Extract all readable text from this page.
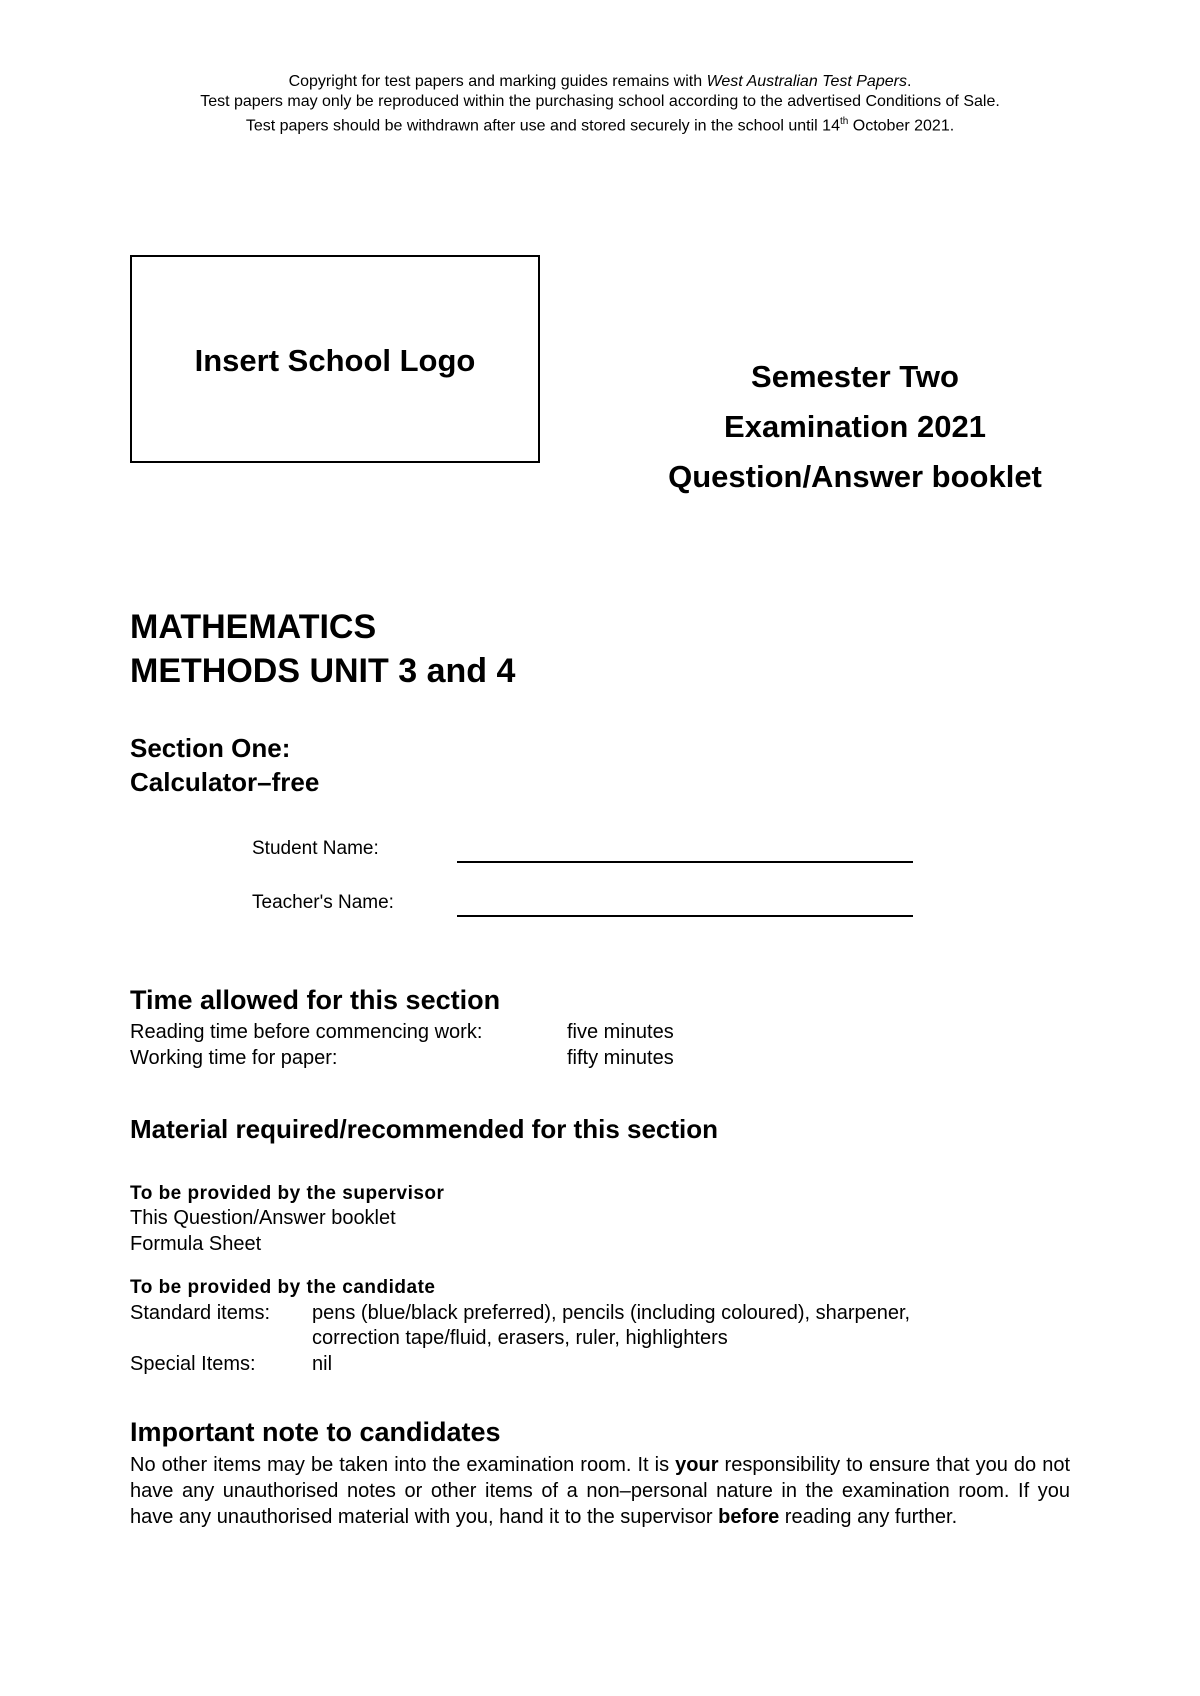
Copyright for test papers and marking guides remains with West Australian Test Papers.
Test papers may only be reproduced within the purchasing school according to the advertised Conditions of Sale.
Test papers should be withdrawn after use and stored securely in the school until 14th October 2021.
Insert School Logo	Semester Two
Examination 2021
Question/Answer booklet
MATHEMATICS
METHODS UNIT 3 and 4
Section One:
Calculator–free
Student Name:
Teacher's Name:
Time allowed for this section
Reading time before commencing work:	five minutes
Working time for paper:	fifty minutes
Material required/recommended for this section
To be provided by the supervisor
This Question/Answer booklet
Formula Sheet
To be provided by the candidate
Standard items: pens (blue/black preferred), pencils (including coloured), sharpener,
correction tape/fluid, erasers, ruler, highlighters
Special Items:	nil
Important note to candidates
No other items may be taken into the examination room. It is your responsibility to ensure that you do not have any unauthorised notes or other items of a non–personal nature in the examination room. If you have any unauthorised material with you, hand it to the supervisor before reading any further.
